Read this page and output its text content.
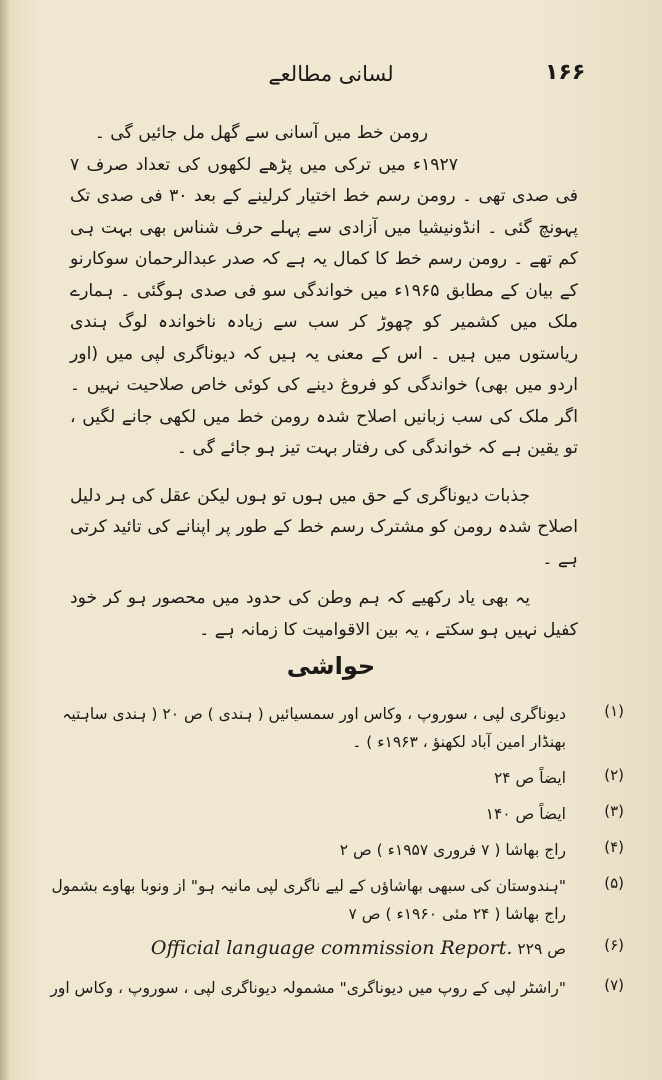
۱۶۶
لسانی مطالعے

رومن خط میں آسانی سے گھل مل جائیں گی ۔

۱۹۲۷ء میں ترکی میں پڑھے لکھوں کی تعداد صرف ۷ فی صدی تھی ۔ رومن رسم خط اختیار کرلینے کے بعد ۳۰ فی صدی تک پہونچ گئی ۔ انڈونیشیا میں آزادی سے پہلے حرف شناس بھی بہت ہی کم تھے ۔ رومن رسم خط کا کمال یہ ہے کہ صدر عبدالرحمان سوکارنو کے بیان کے مطابق ۱۹۶۵ء میں خواندگی سو فی صدی ہوگئی ۔ ہمارے ملک میں کشمیر کو چھوڑ کر سب سے زیادہ ناخواندہ لوگ ہندی ریاستوں میں ہیں ۔ اس کے معنی یہ ہیں کہ دیوناگری لپی میں (اور اردو میں بھی) خواندگی کو فروغ دینے کی کوئی خاص صلاحیت نہیں ۔ اگر ملک کی سب زبانیں اصلاح شدہ رومن خط میں لکھی جانے لگیں ، تو یقین ہے کہ خواندگی کی رفتار بہت تیز ہو جائے گی ۔

جذبات دیوناگری کے حق میں ہوں تو ہوں لیکن عقل کی ہر دلیل اصلاح شدہ رومن کو مشترک رسم خط کے طور پر اپنانے کی تائید کرتی ہے ۔

یہ بھی یاد رکھیے کہ ہم وطن کی حدود میں محصور ہو کر خود کفیل نہیں ہو سکتے ، یہ بین الاقوامیت کا زمانہ ہے ۔

حواشی
(۱)
دیوناگری لپی ، سوروپ ، وکاس اور سمسیائیں ( ہندی ) ص ۲۰ ( ہندی ساہتیہ بھنڈار امین آباد لکھنؤ ، ۱۹۶۳ء ) ۔
(۲)
ایضاً ص ۲۴
(۳)
ایضاً ص ۱۴۰
(۴)
راج بھاشا ( ۷ فروری ۱۹۵۷ء ) ص ۲
(۵)
"ہندوستان کی سبھی بھاشاؤں کے لیے ناگری لپی مانیہ ہو" از ونوبا بھاوے بشمول راج بھاشا ( ۲۴ مئی ۱۹۶۰ء ) ص ۷
(۶)
ص ۲۲۹ Official language commission Report.
(۷)
"راشٹر لپی کے روپ میں دیوناگری" مشمولہ دیوناگری لپی ، سوروپ ، وکاس اور
